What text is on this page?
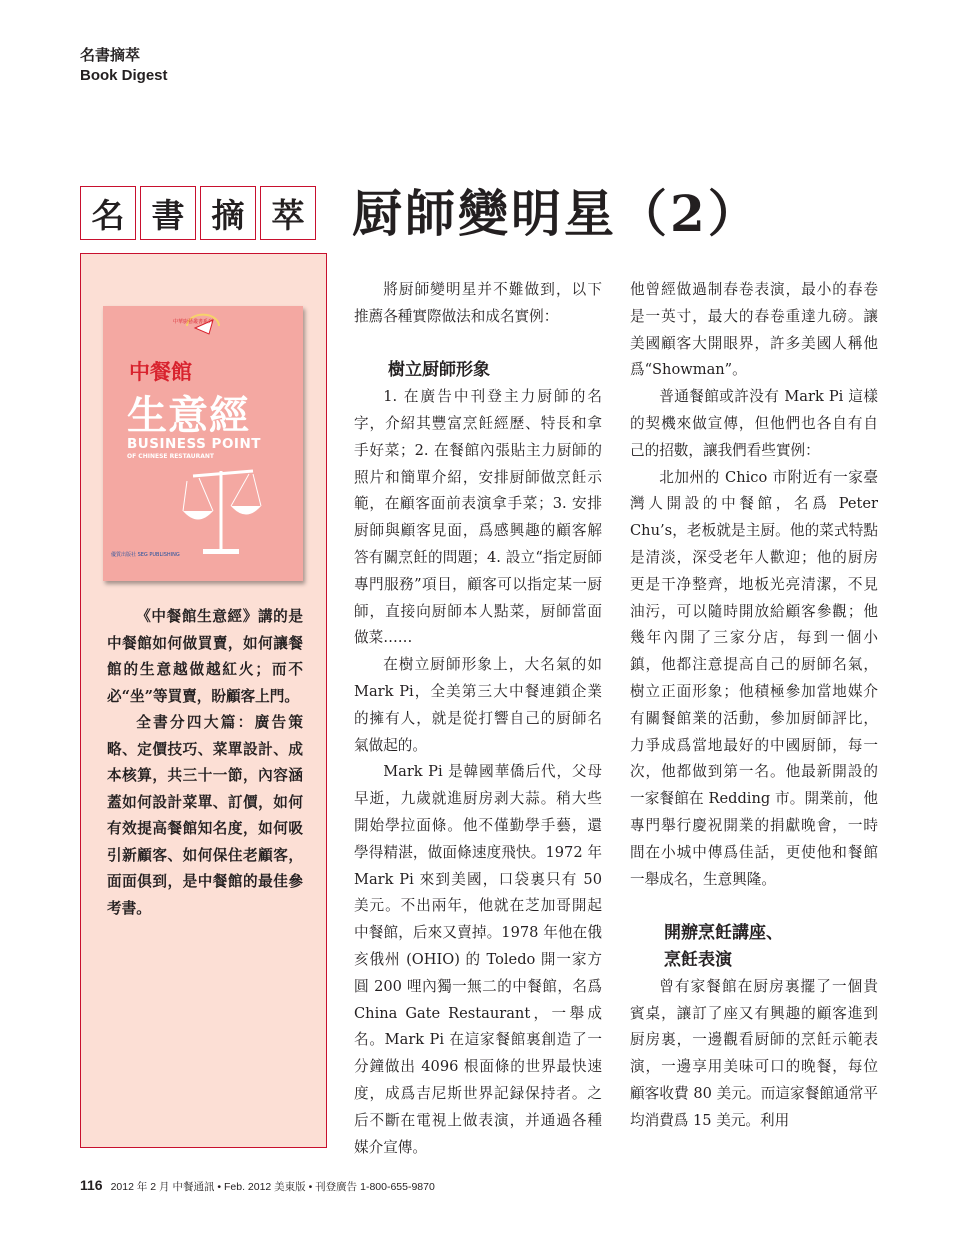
名書摘萃
Book Digest
名 書 摘 萃 厨師變明星（2）
中華廚藝叢書系列
中餐館
生意經
BUSINESS POINT
OF CHINESE RESTAURANT
優質出版社 SEG PUBLISHING

《中餐館生意經》講的是中餐館如何做買賣，如何讓餐館的生意越做越紅火；而不必“坐”等買賣，盼顧客上門。

全書分四大篇：廣告策略、定價技巧、菜單設計、成本核算，共三十一節，內容涵蓋如何設計菜單、訂價，如何有效提高餐館知名度，如何吸引新顧客、如何保住老顧客，面面俱到，是中餐館的最佳參考書。

將厨師變明星并不難做到，以下推薦各種實際做法和成名實例：

樹立厨師形象

1. 在廣告中刊登主力厨師的名字，介紹其豐富烹飪經歷、特長和拿手好菜；2. 在餐館內張貼主力厨師的照片和簡單介紹，安排厨師做烹飪示範，在顧客面前表演拿手菜；3. 安排厨師與顧客見面，爲感興趣的顧客解答有關烹飪的問題；4. 設立“指定厨師專門服務”項目，顧客可以指定某一厨師，直接向厨師本人點菜，厨師當面做菜……

在樹立厨師形象上，大名氣的如 Mark Pi，全美第三大中餐連鎖企業的擁有人，就是從打響自己的厨師名氣做起的。

Mark Pi 是韓國華僑后代，父母早逝，九歲就進厨房剥大蒜。稍大些開始學拉面條。他不僅勤學手藝，還學得精湛，做面條速度飛快。1972 年 Mark Pi 來到美國，口袋裏只有 50 美元。不出兩年，他就在芝加哥開起中餐館，后來又賣掉。1978 年他在俄亥俄州 (OHIO) 的 Toledo 開一家方圓 200 哩內獨一無二的中餐館，名爲 China Gate Restaurant，一舉成名。Mark Pi 在這家餐館裏創造了一分鐘做出 4096 根面條的世界最快速度，成爲吉尼斯世界記録保持者。之后不斷在電視上做表演，并通過各種媒介宣傳。

他曾經做過制春卷表演，最小的春卷是一英寸，最大的春卷重達九磅。讓美國顧客大開眼界，許多美國人稱他爲“Showman”。

普通餐館或許没有 Mark Pi 這樣的契機來做宣傳，但他們也各自有自己的招數，讓我們看些實例：

北加州的 Chico 市附近有一家臺灣人開設的中餐館，名爲 Peter Chu’s，老板就是主厨。他的菜式特點是清淡，深受老年人歡迎；他的厨房更是干净整齊，地板光亮清潔，不見油污，可以隨時開放給顧客參觀；他幾年內開了三家分店，每到一個小鎮，他都注意提高自己的厨師名氣，樹立正面形象；他積極參加當地媒介有關餐館業的活動，參加厨師評比，力爭成爲當地最好的中國厨師，每一次，他都做到第一名。他最新開設的一家餐館在 Redding 市。開業前，他專門舉行慶祝開業的捐獻晚會，一時間在小城中傳爲佳話，更使他和餐館一舉成名，生意興隆。

開辦烹飪講座、
烹飪表演

曾有家餐館在厨房裏擺了一個貴賓桌，讓訂了座又有興趣的顧客進到厨房裏，一邊觀看厨師的烹飪示範表演，一邊享用美味可口的晚餐，每位顧客收費 80 美元。而這家餐館通常平均消費爲 15 美元。利用

116 2012 年 2 月 中餐通訊 • Feb. 2012 美東版 • 刊登廣告 1-800-655-9870
